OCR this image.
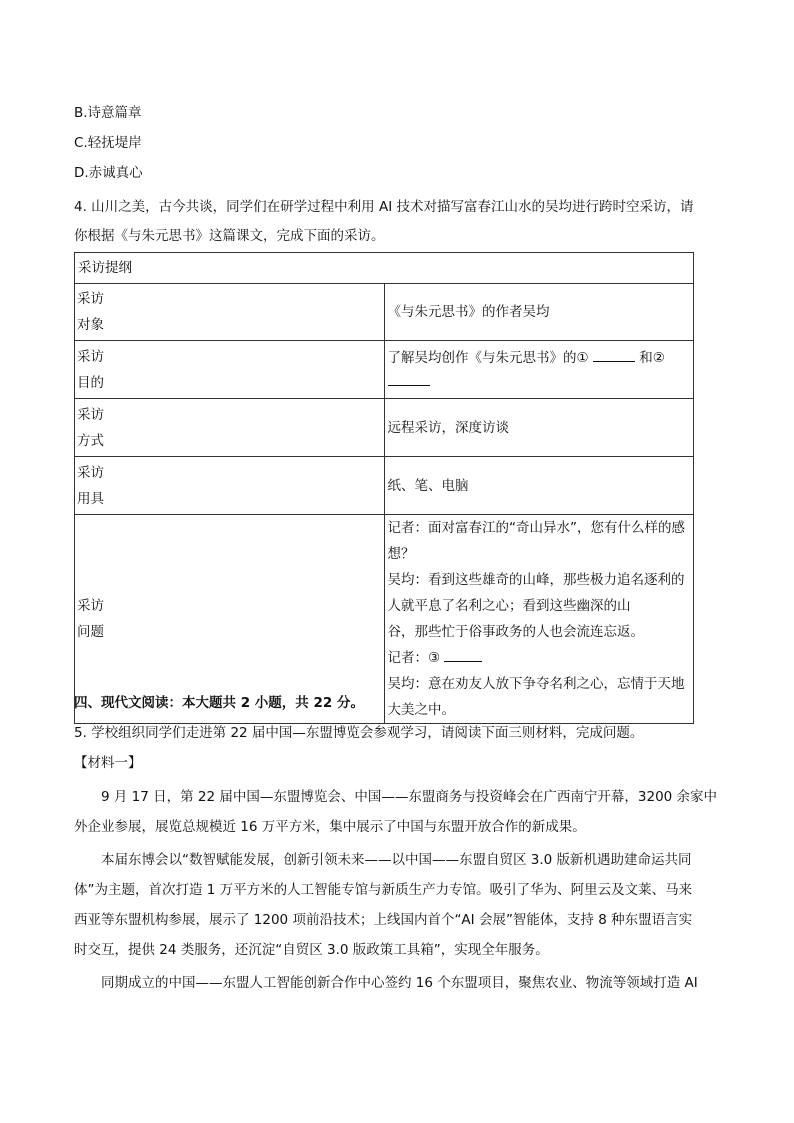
B.诗意篇章
C.轻抚堤岸
D.赤诚真心
4. 山川之美，古今共谈，同学们在研学过程中利用 AI 技术对描写富春江山水的吴均进行跨时空采访，请
你根据《与朱元思书》这篇课文，完成下面的采访。
采访提纲	

采访
对象	《与朱元思书》的作者吴均

采访
目的	了解吴均创作《与朱元思书》的① 和②

采访
方式	远程采访，深度访谈

采访
用具	纸、笔、电脑

采访
问题	记者：面对富春江的“奇山异水”，您有什么样的感想？
吴均：看到这些雄奇的山峰，那些极力追名逐利的人就平息了名利之心；看到这些幽深的山
谷，那些忙于俗事政务的人也会流连忘返。
记者：③
吴均：意在劝友人放下争夺名利之心，忘情于天地大美之中。
四、现代文阅读：本大题共 2 小题，共 22 分。
5. 学校组织同学们走进第 22 届中国—东盟博览会参观学习，请阅读下面三则材料，完成问题。
【材料一】
9 月 17 日，第 22 届中国—东盟博览会、中国——东盟商务与投资峰会在广西南宁开幕，3200 余家中
外企业参展，展览总规模近 16 万平方米，集中展示了中国与东盟开放合作的新成果。
本届东博会以“数智赋能发展，创新引领未来——以中国——东盟自贸区 3.0 版新机遇助建命运共同
体”为主题，首次打造 1 万平方米的人工智能专馆与新质生产力专馆。吸引了华为、阿里云及文莱、马来
西亚等东盟机构参展，展示了 1200 项前沿技术；上线国内首个“AI 会展”智能体，支持 8 种东盟语言实
时交互，提供 24 类服务，还沉淀“自贸区 3.0 版政策工具箱”，实现全年服务。
同期成立的中国——东盟人工智能创新合作中心签约 16 个东盟项目，聚焦农业、物流等领域打造 AI
